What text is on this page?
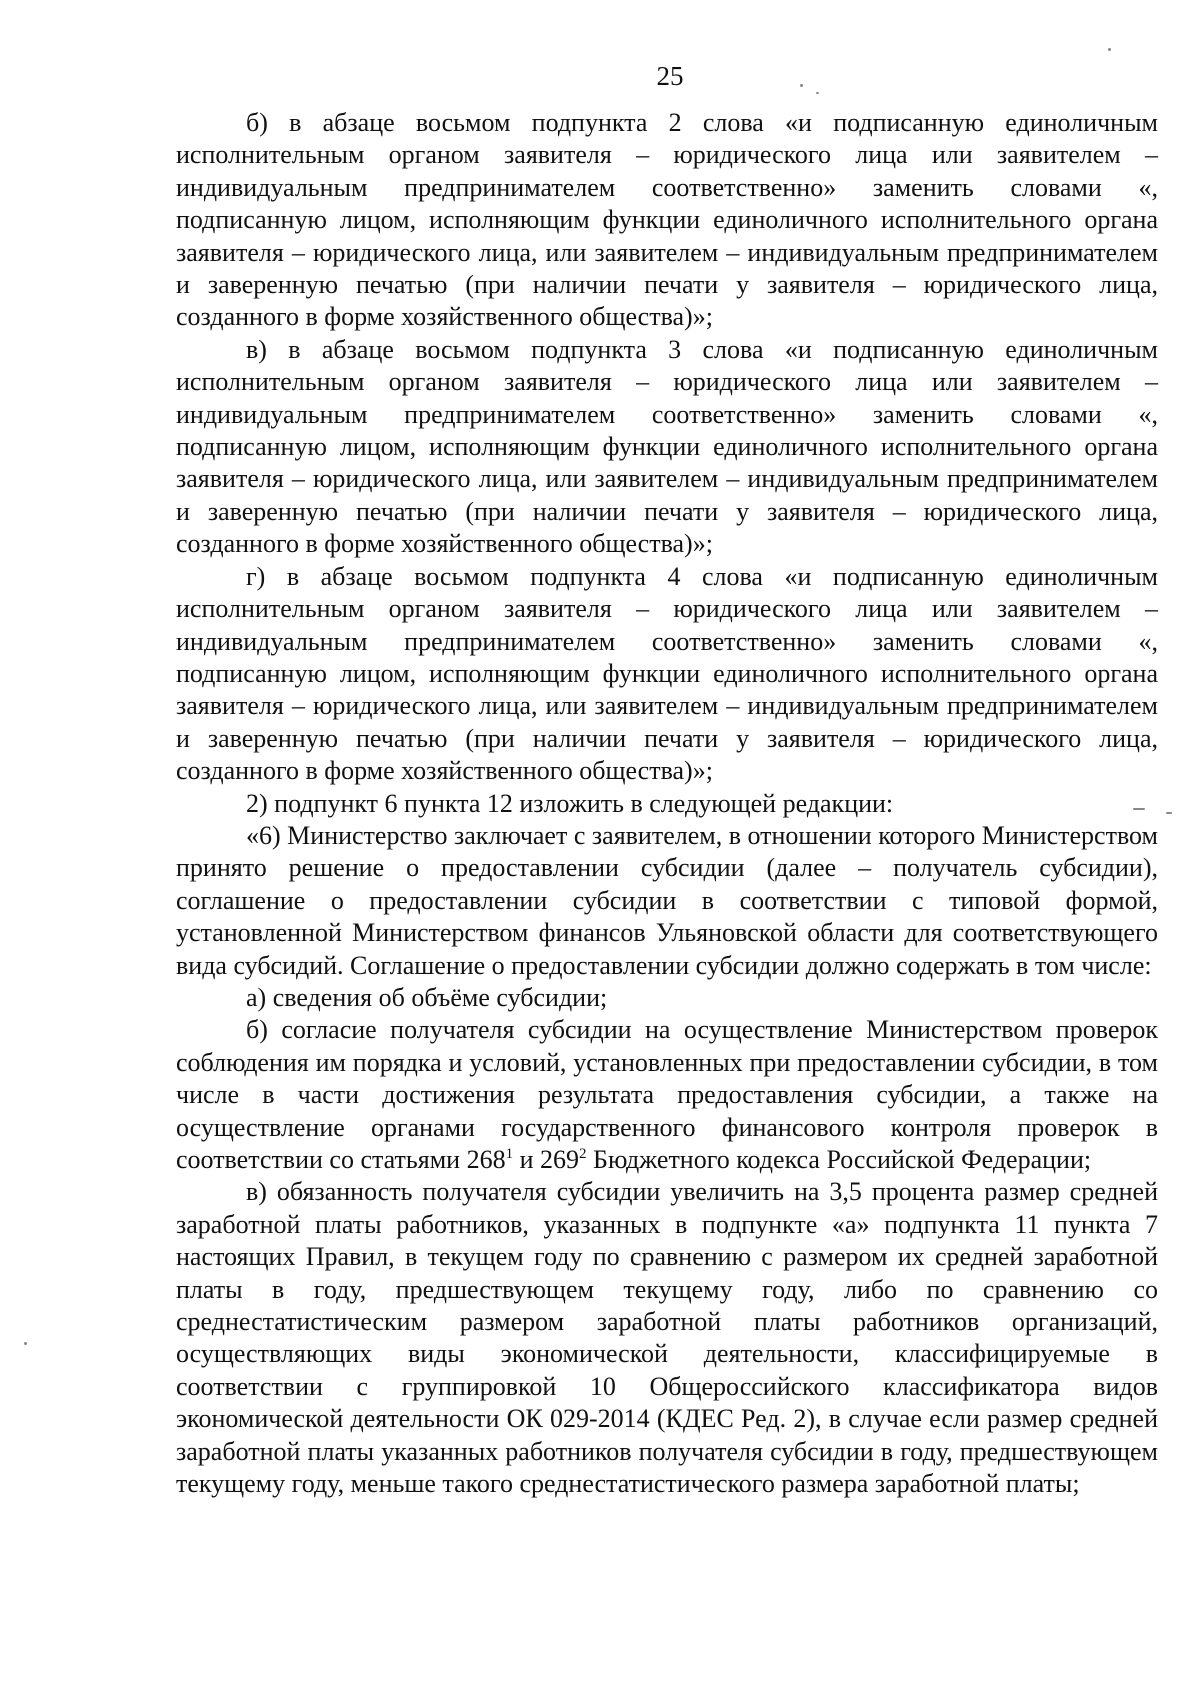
25

б) в абзаце восьмом подпункта 2 слова «и подписанную единоличным исполнительным органом заявителя – юридического лица или заявителем – индивидуальным предпринимателем соответственно» заменить словами «, подписанную лицом, исполняющим функции единоличного исполнительного органа заявителя – юридического лица, или заявителем – индивидуальным предпринимателем и заверенную печатью (при наличии печати у заявителя – юридического лица, созданного в форме хозяйственного общества)»;

в) в абзаце восьмом подпункта 3 слова «и подписанную единоличным исполнительным органом заявителя – юридического лица или заявителем – индивидуальным предпринимателем соответственно» заменить словами «, подписанную лицом, исполняющим функции единоличного исполнительного органа заявителя – юридического лица, или заявителем – индивидуальным предпринимателем и заверенную печатью (при наличии печати у заявителя – юридического лица, созданного в форме хозяйственного общества)»;

г) в абзаце восьмом подпункта 4 слова «и подписанную единоличным исполнительным органом заявителя – юридического лица или заявителем – индивидуальным предпринимателем соответственно» заменить словами «, подписанную лицом, исполняющим функции единоличного исполнительного органа заявителя – юридического лица, или заявителем – индивидуальным предпринимателем и заверенную печатью (при наличии печати у заявителя – юридического лица, созданного в форме хозяйственного общества)»;

2) подпункт 6 пункта 12 изложить в следующей редакции:

«6) Министерство заключает с заявителем, в отношении которого Министерством принято решение о предоставлении субсидии (далее – получатель субсидии), соглашение о предоставлении субсидии в соответствии с типовой формой, установленной Министерством финансов Ульяновской области для соответствующего вида субсидий. Соглашение о предоставлении субсидии должно содержать в том числе:

а) сведения об объёме субсидии;

б) согласие получателя субсидии на осуществление Министерством проверок соблюдения им порядка и условий, установленных при предоставлении субсидии, в том числе в части достижения результата предоставления субсидии, а также на осуществление органами государственного финансового контроля проверок в соответствии со статьями $268^1$ и $269^2$ Бюджетного кодекса Российской Федерации;

в) обязанность получателя субсидии увеличить на 3,5 процента размер средней заработной платы работников, указанных в подпункте «а» подпункта 11 пункта 7 настоящих Правил, в текущем году по сравнению с размером их средней заработной платы в году, предшествующем текущему году, либо по сравнению со среднестатистическим размером заработной платы работников организаций, осуществляющих виды экономической деятельности, классифицируемые в соответствии с группировкой 10 Общероссийского классификатора видов экономической деятельности ОК 029-2014 (КДЕС Ред. 2), в случае если размер средней заработной платы указанных работников получателя субсидии в году, предшествующем текущему году, меньше такого среднестатистического размера заработной платы;
